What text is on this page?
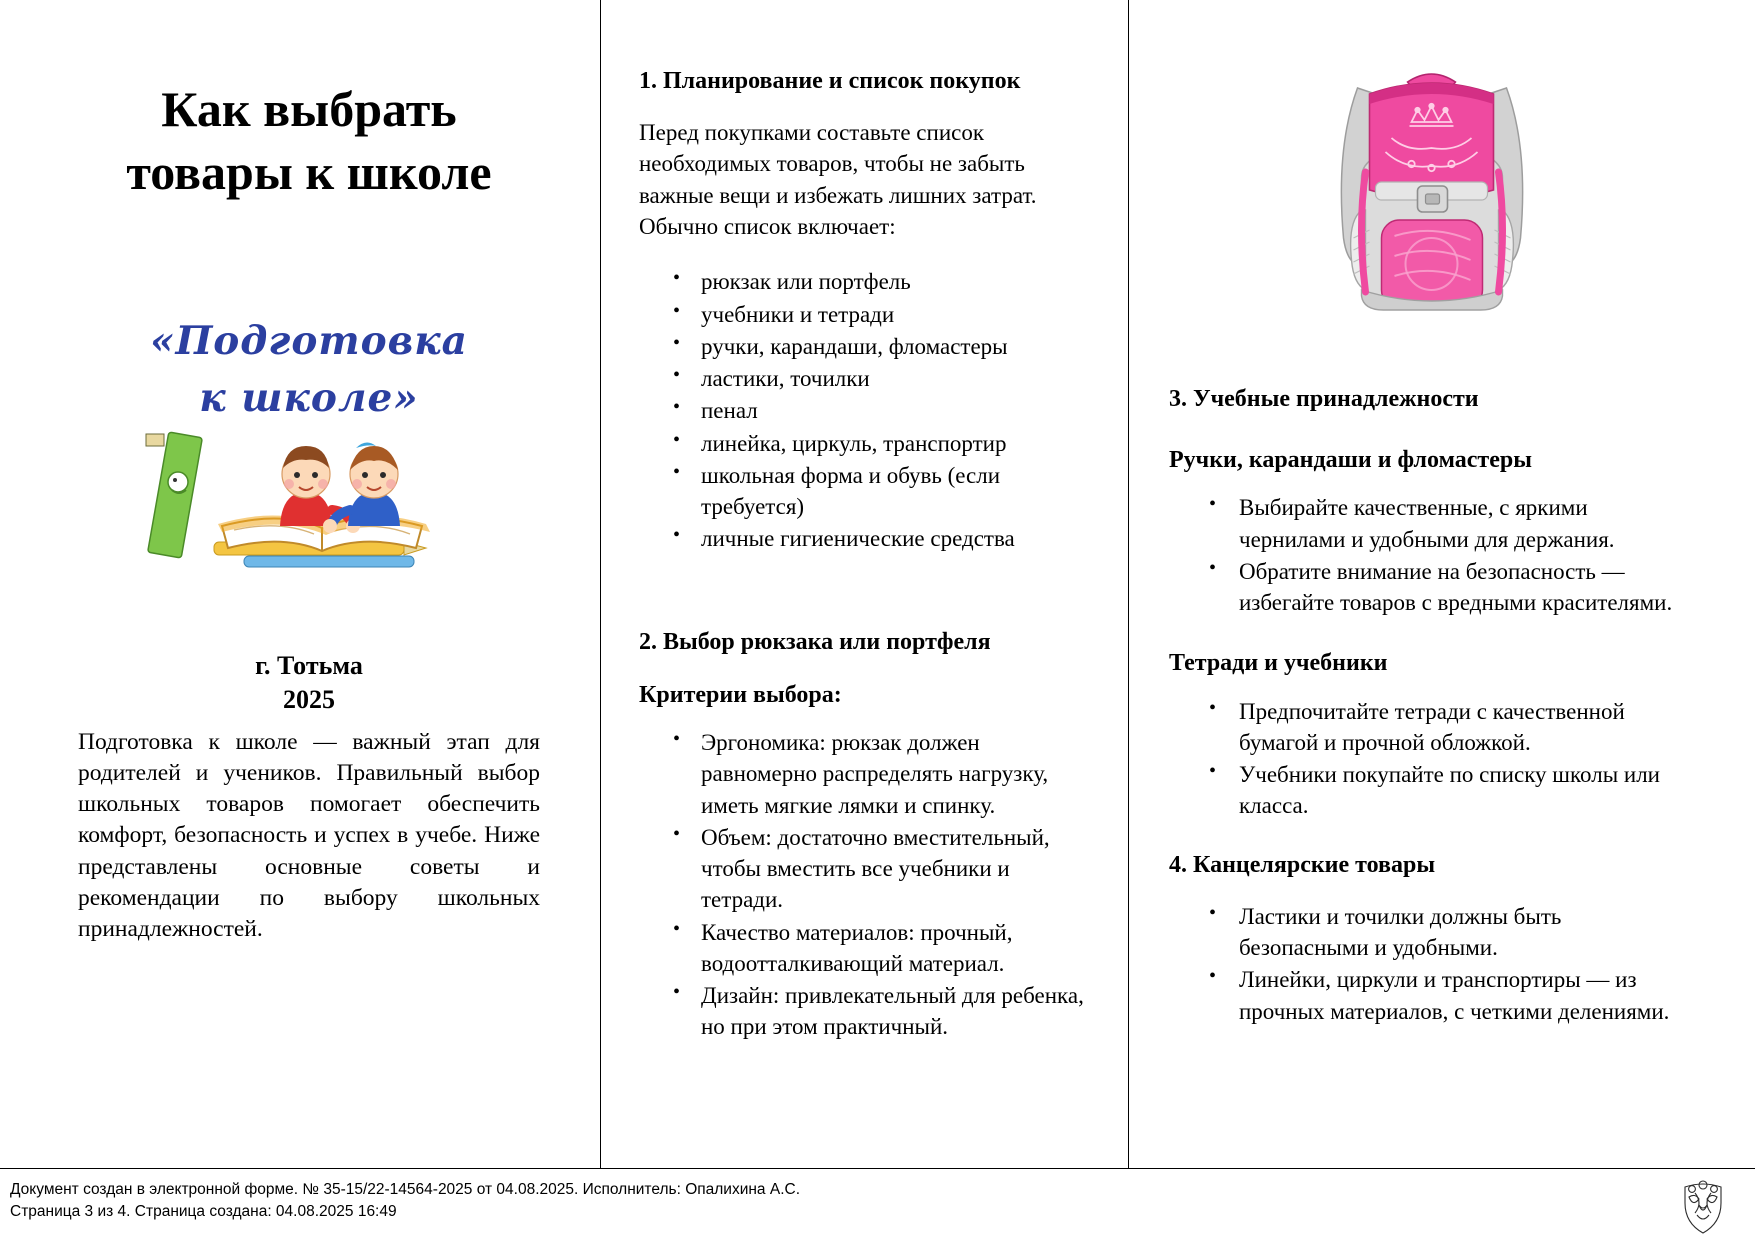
Как выбрать товары к школе
«Подготовка
к школе»
г. Тотьма
2025

Подготовка к школе — важный этап для родителей и учеников. Правильный выбор школьных товаров помогает обеспечить комфорт, безопасность и успех в учебе. Ниже представлены основные советы и рекомендации по выбору школьных принадлежностей.

1. Планирование и список покупок

Перед покупками составьте список необходимых товаров, чтобы не забыть важные вещи и избежать лишних затрат. Обычно список включает:

• рюкзак или портфель
• учебники и тетради
• ручки, карандаши, фломастеры
• ластики, точилки
• пенал
• линейка, циркуль, транспортир
• школьная форма и обувь (если требуется)
• личные гигиенические средства
2. Выбор рюкзака или портфеля
Критерии выбора:
• Эргономика: рюкзак должен равномерно распределять нагрузку, иметь мягкие лямки и спинку.
• Объем: достаточно вместительный, чтобы вместить все учебники и тетради.
• Качество материалов: прочный, водоотталкивающий материал.
• Дизайн: привлекательный для ребенка, но при этом практичный.
3. Учебные принадлежности
Ручки, карандаши и фломастеры
• Выбирайте качественные, с яркими чернилами и удобными для держания.
• Обратите внимание на безопасность — избегайте товаров с вредными красителями.
Тетради и учебники
• Предпочитайте тетради с качественной бумагой и прочной обложкой.
• Учебники покупайте по списку школы или класса.
4. Канцелярские товары
• Ластики и точилки должны быть безопасными и удобными.
• Линейки, циркули и транспортиры — из прочных материалов, с четкими делениями.
Документ создан в электронной форме. № 35-15/22-14564-2025 от 04.08.2025. Исполнитель: Опалихина А.С.
Страница 3 из 4. Страница создана: 04.08.2025 16:49
